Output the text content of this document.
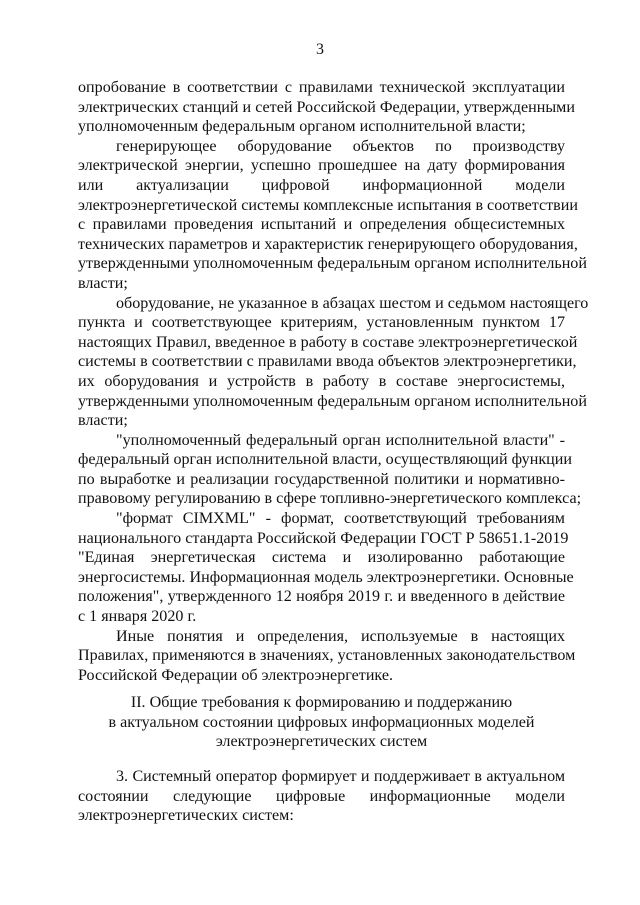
3
опробование в соответствии с правилами технической эксплуатации
электрических станций и сетей Российской Федерации, утвержденными
уполномоченным федеральным органом исполнительной власти;
генерирующее оборудование объектов по производству
электрической энергии, успешно прошедшее на дату формирования
или актуализации цифровой информационной модели
электроэнергетической системы комплексные испытания в соответствии
с правилами проведения испытаний и определения общесистемных
технических параметров и характеристик генерирующего оборудования,
утвержденными уполномоченным федеральным органом исполнительной
власти;
оборудование, не указанное в абзацах шестом и седьмом настоящего
пункта и соответствующее критериям, установленным пунктом 17
настоящих Правил, введенное в работу в составе электроэнергетической
системы в соответствии с правилами ввода объектов электроэнергетики,
их оборудования и устройств в работу в составе энергосистемы,
утвержденными уполномоченным федеральным органом исполнительной
власти;
"уполномоченный федеральный орган исполнительной власти" -
федеральный орган исполнительной власти, осуществляющий функции
по выработке и реализации государственной политики и нормативно-
правовому регулированию в сфере топливно-энергетического комплекса;
"формат CIMXML" - формат, соответствующий требованиям
национального стандарта Российской Федерации ГОСТ Р 58651.1-2019
"Единая энергетическая система и изолированно работающие
энергосистемы. Информационная модель электроэнергетики. Основные
положения", утвержденного 12 ноября 2019 г. и введенного в действие
с 1 января 2020 г.
Иные понятия и определения, используемые в настоящих
Правилах, применяются в значениях, установленных законодательством
Российской Федерации об электроэнергетике.
II. Общие требования к формированию и поддержанию
в актуальном состоянии цифровых информационных моделей
электроэнергетических систем
3. Системный оператор формирует и поддерживает в актуальном
состоянии следующие цифровые информационные модели
электроэнергетических систем:
